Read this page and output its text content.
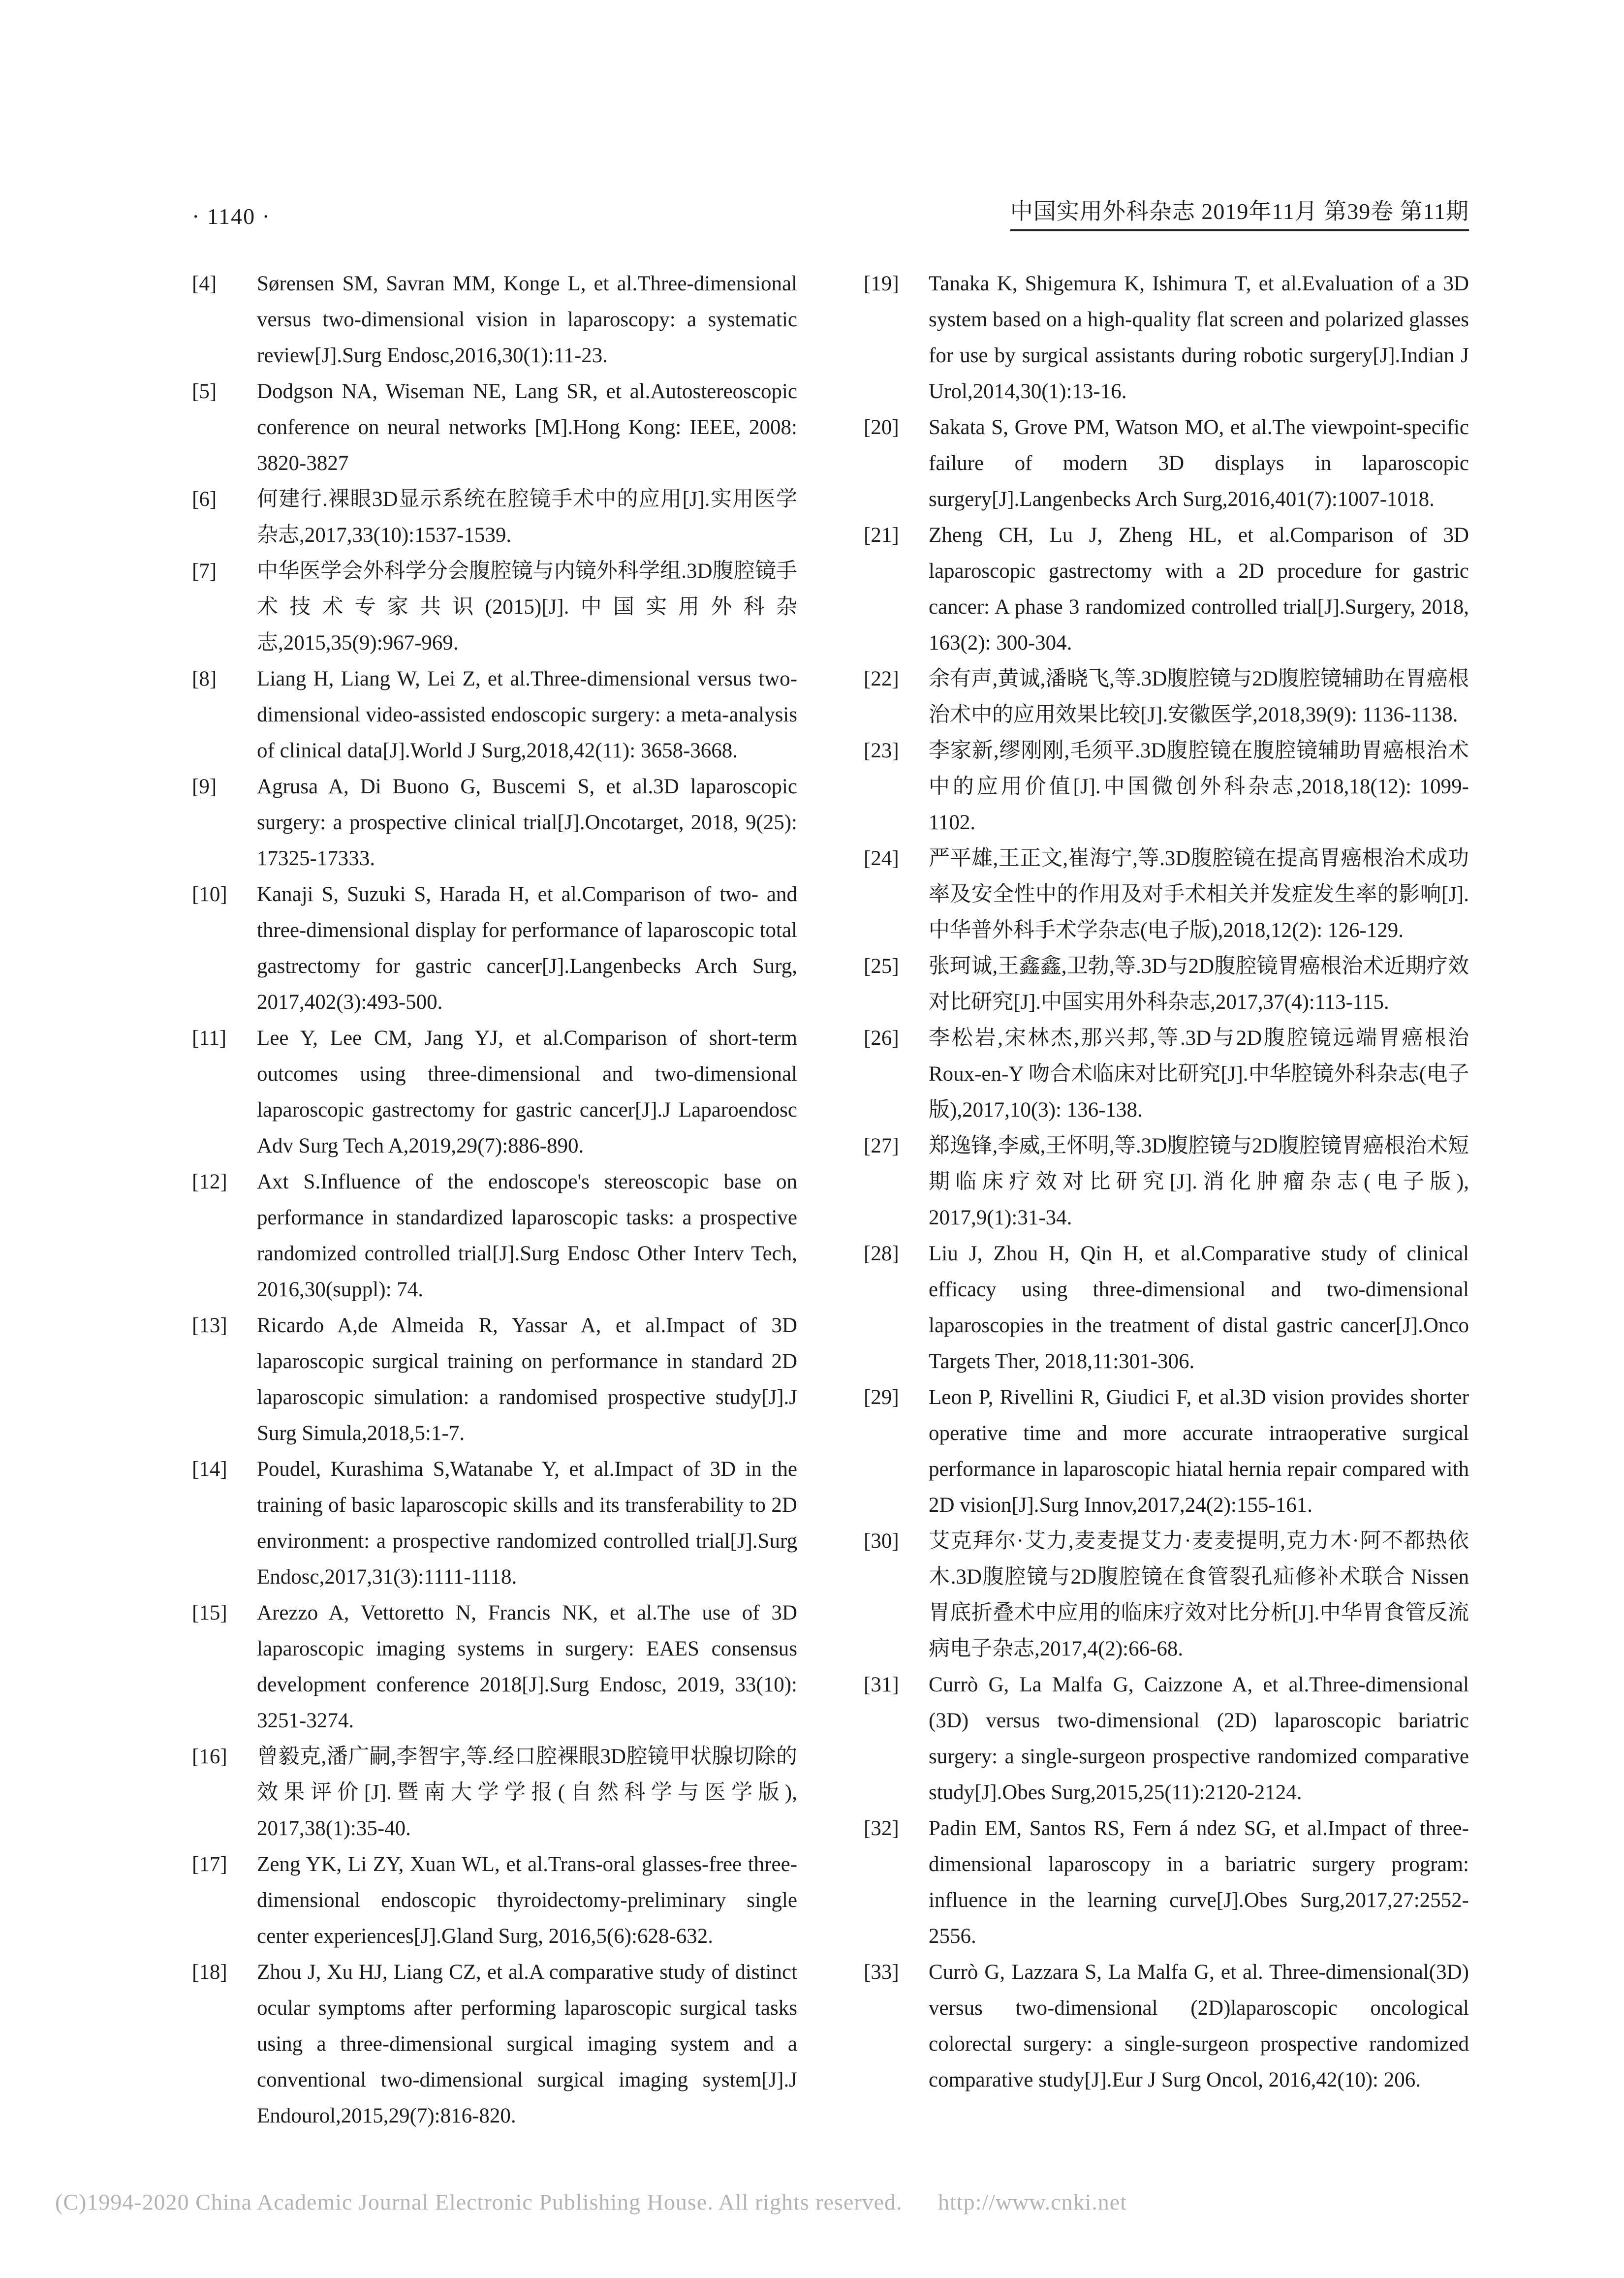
· 1140 ·	中国实用外科杂志 2019年11月 第39卷 第11期
[4] Sørensen SM, Savran MM, Konge L, et al.Three-dimensional versus two-dimensional vision in laparoscopy: a systematic review[J].Surg Endosc,2016,30(1):11-23.
[5] Dodgson NA, Wiseman NE, Lang SR, et al.Autostereoscopic conference on neural networks [M].Hong Kong: IEEE, 2008: 3820-3827
[6] 何建行.裸眼3D显示系统在腔镜手术中的应用[J].实用医学杂志,2017,33(10):1537-1539.
[7] 中华医学会外科学分会腹腔镜与内镜外科学组.3D腹腔镜手术技术专家共识(2015)[J].中国实用外科杂志,2015,35(9):967-969.
[8] Liang H, Liang W, Lei Z, et al.Three-dimensional versus two-dimensional video-assisted endoscopic surgery: a meta-analysis of clinical data[J].World J Surg,2018,42(11): 3658-3668.
[9] Agrusa A, Di Buono G, Buscemi S, et al.3D laparoscopic surgery: a prospective clinical trial[J].Oncotarget, 2018, 9(25): 17325-17333.
[10] Kanaji S, Suzuki S, Harada H, et al.Comparison of two- and three-dimensional display for performance of laparoscopic total gastrectomy for gastric cancer[J].Langenbecks Arch Surg, 2017,402(3):493-500.
[11] Lee Y, Lee CM, Jang YJ, et al.Comparison of short-term outcomes using three-dimensional and two-dimensional laparoscopic gastrectomy for gastric cancer[J].J Laparoendosc Adv Surg Tech A,2019,29(7):886-890.
[12] Axt S.Influence of the endoscope's stereoscopic base on performance in standardized laparoscopic tasks: a prospective randomized controlled trial[J].Surg Endosc Other Interv Tech, 2016,30(suppl): 74.
[13] Ricardo A,de Almeida R, Yassar A, et al.Impact of 3D laparoscopic surgical training on performance in standard 2D laparoscopic simulation: a randomised prospective study[J].J Surg Simula,2018,5:1-7.
[14] Poudel, Kurashima S,Watanabe Y, et al.Impact of 3D in the training of basic laparoscopic skills and its transferability to 2D environment: a prospective randomized controlled trial[J].Surg Endosc,2017,31(3):1111-1118.
[15] Arezzo A, Vettoretto N, Francis NK, et al.The use of 3D laparoscopic imaging systems in surgery: EAES consensus development conference 2018[J].Surg Endosc, 2019, 33(10): 3251-3274.
[16] 曾毅克,潘广嗣,李智宇,等.经口腔裸眼3D腔镜甲状腺切除的效果评价[J].暨南大学学报(自然科学与医学版), 2017,38(1):35-40.
[17] Zeng YK, Li ZY, Xuan WL, et al.Trans-oral glasses-free three-dimensional endoscopic thyroidectomy-preliminary single center experiences[J].Gland Surg, 2016,5(6):628-632.
[18] Zhou J, Xu HJ, Liang CZ, et al.A comparative study of distinct ocular symptoms after performing laparoscopic surgical tasks using a three-dimensional surgical imaging system and a conventional two-dimensional surgical imaging system[J].J Endourol,2015,29(7):816-820.
[19] Tanaka K, Shigemura K, Ishimura T, et al.Evaluation of a 3D system based on a high-quality flat screen and polarized glasses for use by surgical assistants during robotic surgery[J].Indian J Urol,2014,30(1):13-16.
[20] Sakata S, Grove PM, Watson MO, et al.The viewpoint-specific failure of modern 3D displays in laparoscopic surgery[J].Langenbecks Arch Surg,2016,401(7):1007-1018.
[21] Zheng CH, Lu J, Zheng HL, et al.Comparison of 3D laparoscopic gastrectomy with a 2D procedure for gastric cancer: A phase 3 randomized controlled trial[J].Surgery, 2018, 163(2): 300-304.
[22] 余有声,黄诚,潘晓飞,等.3D腹腔镜与2D腹腔镜辅助在胃癌根治术中的应用效果比较[J].安徽医学,2018,39(9): 1136-1138.
[23] 李家新,缪刚刚,毛须平.3D腹腔镜在腹腔镜辅助胃癌根治术中的应用价值[J].中国微创外科杂志,2018,18(12): 1099-1102.
[24] 严平雄,王正文,崔海宁,等.3D腹腔镜在提高胃癌根治术成功率及安全性中的作用及对手术相关并发症发生率的影响[J].中华普外科手术学杂志(电子版),2018,12(2): 126-129.
[25] 张珂诚,王鑫鑫,卫勃,等.3D与2D腹腔镜胃癌根治术近期疗效对比研究[J].中国实用外科杂志,2017,37(4):113-115.
[26] 李松岩,宋林杰,那兴邦,等.3D与2D腹腔镜远端胃癌根治 Roux-en-Y 吻合术临床对比研究[J].中华腔镜外科杂志(电子版),2017,10(3): 136-138.
[27] 郑逸锋,李威,王怀明,等.3D腹腔镜与2D腹腔镜胃癌根治术短期临床疗效对比研究[J].消化肿瘤杂志(电子版), 2017,9(1):31-34.
[28] Liu J, Zhou H, Qin H, et al.Comparative study of clinical efficacy using three-dimensional and two-dimensional laparoscopies in the treatment of distal gastric cancer[J].Onco Targets Ther, 2018,11:301-306.
[29] Leon P, Rivellini R, Giudici F, et al.3D vision provides shorter operative time and more accurate intraoperative surgical performance in laparoscopic hiatal hernia repair compared with 2D vision[J].Surg Innov,2017,24(2):155-161.
[30] 艾克拜尔·艾力,麦麦提艾力·麦麦提明,克力木·阿不都热依木.3D腹腔镜与2D腹腔镜在食管裂孔疝修补术联合 Nissen 胃底折叠术中应用的临床疗效对比分析[J].中华胃食管反流病电子杂志,2017,4(2):66-68.
[31] Currò G, La Malfa G, Caizzone A, et al.Three-dimensional (3D) versus two-dimensional (2D) laparoscopic bariatric surgery: a single-surgeon prospective randomized comparative study[J].Obes Surg,2015,25(11):2120-2124.
[32] Padin EM, Santos RS, Fern á ndez SG, et al.Impact of three-dimensional laparoscopy in a bariatric surgery program: influence in the learning curve[J].Obes Surg,2017,27:2552-2556.
[33] Currò G, Lazzara S, La Malfa G, et al. Three-dimensional(3D) versus two-dimensional (2D)laparoscopic oncological colorectal surgery: a single-surgeon prospective randomized comparative study[J].Eur J Surg Oncol, 2016,42(10): 206.
(C)1994-2020 China Academic Journal Electronic Publishing House. All rights reserved. http://www.cnki.net
